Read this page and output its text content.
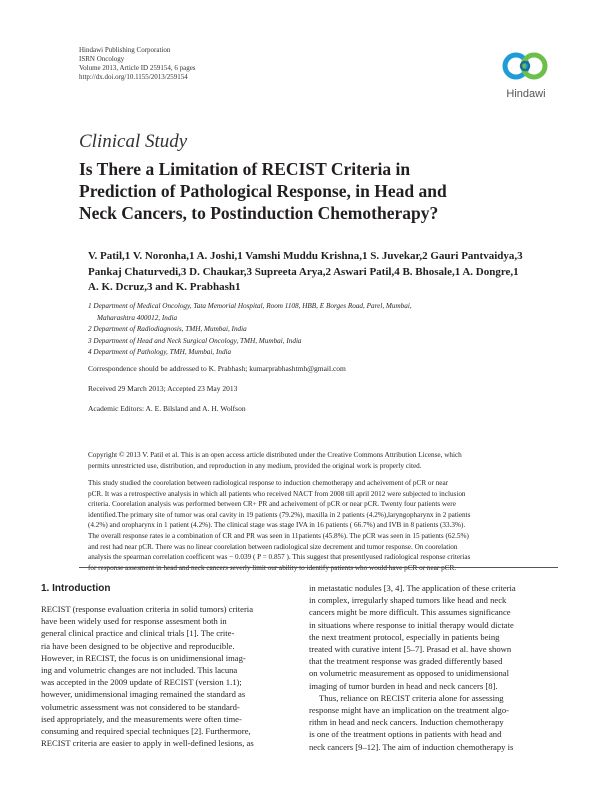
Hindawi Publishing Corporation
ISRN Oncology
Volume 2013, Article ID 259154, 6 pages
http://dx.doi.org/10.1155/2013/259154
Hindawi
Clinical Study
Is There a Limitation of RECIST Criteria in
Prediction of Pathological Response, in Head and
Neck Cancers, to Postinduction Chemotherapy?
V. Patil,1 V. Noronha,1 A. Joshi,1 Vamshi Muddu Krishna,1 S. Juvekar,2 Gauri Pantvaidya,3
Pankaj Chaturvedi,3 D. Chaukar,3 Supreeta Arya,2 Aswari Patil,4 B. Bhosale,1 A. Dongre,1
A. K. Dcruz,3 and K. Prabhash1
1 Department of Medical Oncology, Tata Memorial Hospital, Room 1108, HBB, E Borges Road, Parel, Mumbai,
Maharashtra 400012, India
2 Department of Radiodiagnosis, TMH, Mumbai, India
3 Department of Head and Neck Surgical Oncology, TMH, Mumbai, India
4 Department of Pathology, TMH, Mumbai, India
Correspondence should be addressed to K. Prabhash; kumarprabhashtmh@gmail.com
Received 29 March 2013; Accepted 23 May 2013
Academic Editors: A. E. Bilsland and A. H. Wolfson
Copyright © 2013 V. Patil et al. This is an open access article distributed under the Creative Commons Attribution License, which
permits unrestricted use, distribution, and reproduction in any medium, provided the original work is properly cited.
This study studied the coorelation between radiological response to induction chemotherapy and acheivement of pCR or near
pCR. It was a retrospective analysis in which all patients who received NACT from 2008 till april 2012 were subjected to inclusion
criteria. Coorelation analysis was performed between CR+ PR and acheivement of pCR or near pCR. Twenty four patients were
identified.The primary site of tumor was oral cavity in 19 patients (79.2%), maxilla in 2 patients (4.2%),laryngopharynx in 2 patients
(4.2%) and oropharynx in 1 patient (4.2%). The clinical stage was stage IVA in 16 patients ( 66.7%) and IVB in 8 patients (33.3%).
The overall response rates ie a combination of CR and PR was seen in 11patients (45.8%). The pCR was seen in 15 patients (62.5%)
and rest had near pCR. There was no linear coorelation between radiological size decrement and tumor response. On coorelation
analysis the spearman correlation coefficent was − 0.039 ( P = 0.857 ). This suggest that presentlyused radiological response criterias
for response assesment in head and neck cancers severly limit our ability to identify patients who would have pCR or near pCR.
1. Introduction
RECIST (response evaluation criteria in solid tumors) criteria
have been widely used for response assesment both in
general clinical practice and clinical trials [1]. The crite-
ria have been designed to be objective and reproducible.
However, in RECIST, the focus is on unidimensional imag-
ing and volumetric changes are not included. This lacuna
was accepted in the 2009 update of RECIST (version 1.1);
however, unidimensional imaging remained the standard as
volumetric assessment was not considered to be standard-
ised appropriately, and the measurements were often time-
consuming and required special techniques [2]. Furthermore,
RECIST criteria are easier to apply in well-defined lesions, as
in metastatic nodules [3, 4]. The application of these criteria
in complex, irregularly shaped tumors like head and neck
cancers might be more difficult. This assumes significance
in situations where response to initial therapy would dictate
the next treatment protocol, especially in patients being
treated with curative intent [5–7]. Prasad et al. have shown
that the treatment response was graded differently based
on volumetric measurement as opposed to unidimensional
imaging of tumor burden in head and neck cancers [8].
Thus, reliance on RECIST criteria alone for assessing
response might have an implication on the treatment algo-
rithm in head and neck cancers. Induction chemotherapy
is one of the treatment options in patients with head and
neck cancers [9–12]. The aim of induction chemotherapy is
